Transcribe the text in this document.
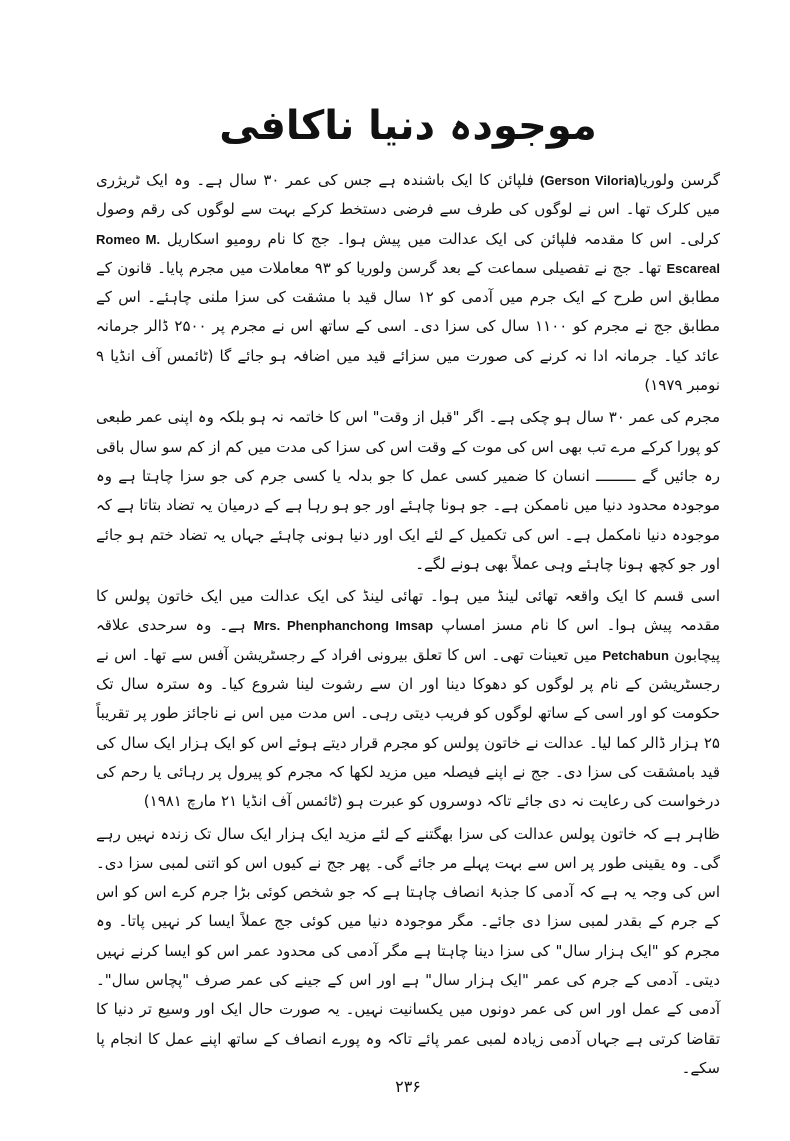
موجودہ دنیا ناکافی

گرسن ولوریا(Gerson Viloria) فلپائن کا ایک باشندہ ہے جس کی عمر ۳۰ سال ہے۔ وہ ایک ٹریژری میں کلرک تھا۔ اس نے لوگوں کی طرف سے فرضی دستخط کرکے بہت سے لوگوں کی رقم وصول کرلی۔ اس کا مقدمہ فلپائن کی ایک عدالت میں پیش ہوا۔ جج کا نام رومیو اسکاریل Romeo M. Escareal تھا۔ جج نے تفصیلی سماعت کے بعد گرسن ولوریا کو ۹۳ معاملات میں مجرم پایا۔ قانون کے مطابق اس طرح کے ایک جرم میں آدمی کو ۱۲ سال قید با مشقت کی سزا ملنی چاہئے۔ اس کے مطابق جج نے مجرم کو ۱۱۰۰ سال کی سزا دی۔ اسی کے ساتھ اس نے مجرم پر ۲۵۰۰ ڈالر جرمانہ عائد کیا۔ جرمانہ ادا نہ کرنے کی صورت میں سزائے قید میں اضافہ ہو جائے گا (ٹائمس آف انڈیا ۹ نومبر ۱۹۷۹)

مجرم کی عمر ۳۰ سال ہو چکی ہے۔ اگر "قبل از وقت" اس کا خاتمہ نہ ہو بلکہ وہ اپنی عمر طبعی کو پورا کرکے مرے تب بھی اس کی موت کے وقت اس کی سزا کی مدت میں کم از کم سو سال باقی رہ جائیں گے ـــــــــ انسان کا ضمیر کسی عمل کا جو بدلہ یا کسی جرم کی جو سزا چاہتا ہے وہ موجودہ محدود دنیا میں ناممکن ہے۔ جو ہونا چاہئے اور جو ہو رہا ہے کے درمیان یہ تضاد بتاتا ہے کہ موجودہ دنیا نامکمل ہے۔ اس کی تکمیل کے لئے ایک اور دنیا ہونی چاہئے جہاں یہ تضاد ختم ہو جائے اور جو کچھ ہونا چاہئے وہی عملاً بھی ہونے لگے۔

اسی قسم کا ایک واقعہ تھائی لینڈ میں ہوا۔ تھائی لینڈ کی ایک عدالت میں ایک خاتون پولس کا مقدمہ پیش ہوا۔ اس کا نام مسز امساپ Mrs. Phenphanchong Imsap ہے۔ وہ سرحدی علاقہ پیچابون Petchabun میں تعینات تھی۔ اس کا تعلق بیرونی افراد کے رجسٹریشن آفس سے تھا۔ اس نے رجسٹریشن کے نام پر لوگوں کو دھوکا دینا اور ان سے رشوت لینا شروع کیا۔ وہ سترہ سال تک حکومت کو اور اسی کے ساتھ لوگوں کو فریب دیتی رہی۔ اس مدت میں اس نے ناجائز طور پر تقریباً ۲۵ ہزار ڈالر کما لیا۔ عدالت نے خاتون پولس کو مجرم قرار دیتے ہوئے اس کو ایک ہزار ایک سال کی قید بامشقت کی سزا دی۔ جج نے اپنے فیصلہ میں مزید لکھا کہ مجرم کو پیرول پر رہائی یا رحم کی درخواست کی رعایت نہ دی جائے تاکہ دوسروں کو عبرت ہو (ٹائمس آف انڈیا ۲۱ مارچ ۱۹۸۱)

ظاہر ہے کہ خاتون پولس عدالت کی سزا بھگتنے کے لئے مزید ایک ہزار ایک سال تک زندہ نہیں رہے گی۔ وہ یقینی طور پر اس سے بہت پہلے مر جائے گی۔ پھر جج نے کیوں اس کو اتنی لمبی سزا دی۔ اس کی وجہ یہ ہے کہ آدمی کا جذبۂ انصاف چاہتا ہے کہ جو شخص کوئی بڑا جرم کرے اس کو اس کے جرم کے بقدر لمبی سزا دی جائے۔ مگر موجودہ دنیا میں کوئی جج عملاً ایسا کر نہیں پاتا۔ وہ مجرم کو "ایک ہزار سال" کی سزا دینا چاہتا ہے مگر آدمی کی محدود عمر اس کو ایسا کرنے نہیں دیتی۔ آدمی کے جرم کی عمر "ایک ہزار سال" ہے اور اس کے جینے کی عمر صرف "پچاس سال"۔ آدمی کے عمل اور اس کی عمر دونوں میں یکسانیت نہیں۔ یہ صورت حال ایک اور وسیع تر دنیا کا تقاضا کرتی ہے جہاں آدمی زیادہ لمبی عمر پائے تاکہ وہ پورے انصاف کے ساتھ اپنے عمل کا انجام پا سکے۔

۲۳۶
